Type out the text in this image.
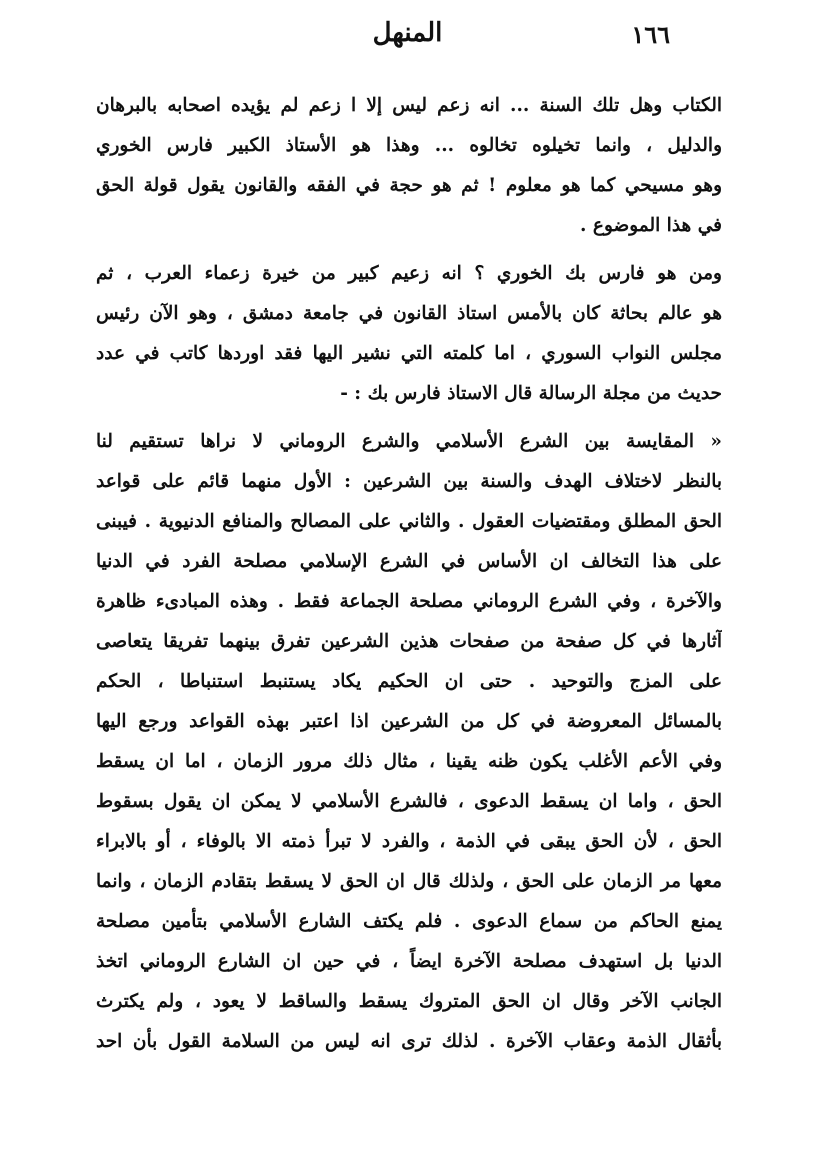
١٦٦
المنهل
الكتاب وهل تلك السنة ... انه زعم ليس إلا ا زعم لم يؤيده اصحابه بالبرهان
والدليل ، وانما تخيلوه تخالوه ... وهذا هو الأستاذ الكبير فارس الخوري
وهو مسيحي كما هو معلوم ! ثم هو حجة في الفقه والقانون يقول قولة الحق
في هذا الموضوع .
ومن هو فارس بك الخوري ؟ انه زعيم كبير من خيرة زعماء العرب ، ثم
هو عالم بحاثة كان بالأمس استاذ القانون في جامعة دمشق ، وهو الآن رئيس
مجلس النواب السوري ، اما كلمته التي نشير اليها فقد اوردها كاتب في عدد
حديث من مجلة الرسالة قال الاستاذ فارس بك : -
« المقايسة بين الشرع الأسلامي والشرع الروماني لا نراها تستقيم لنا
بالنظر لاختلاف الهدف والسنة بين الشرعين : الأول منهما قائم على قواعد
الحق المطلق ومقتضيات العقول . والثاني على المصالح والمنافع الدنيوية . فيبنى
على هذا التخالف ان الأساس في الشرع الإسلامي مصلحة الفرد في الدنيا
والآخرة ، وفي الشرع الروماني مصلحة الجماعة فقط . وهذه المبادىء ظاهرة
آثارها في كل صفحة من صفحات هذين الشرعين تفرق بينهما تفريقا يتعاصى
على المزج والتوحيد . حتى ان الحكيم يكاد يستنبط استنباطا ، الحكم
بالمسائل المعروضة في كل من الشرعين اذا اعتبر بهذه القواعد ورجع اليها
وفي الأعم الأغلب يكون ظنه يقينا ، مثال ذلك مرور الزمان ، اما ان يسقط
الحق ، واما ان يسقط الدعوى ، فالشرع الأسلامي لا يمكن ان يقول بسقوط
الحق ، لأن الحق يبقى في الذمة ، والفرد لا تبرأ ذمته الا بالوفاء ، أو بالابراء
معها مر الزمان على الحق ، ولذلك قال ان الحق لا يسقط بتقادم الزمان ، وانما
يمنع الحاكم من سماع الدعوى . فلم يكتف الشارع الأسلامي بتأمين مصلحة
الدنيا بل استهدف مصلحة الآخرة ايضاً ، في حين ان الشارع الروماني اتخذ
الجانب الآخر وقال ان الحق المتروك يسقط والساقط لا يعود ، ولم يكترث
بأثقال الذمة وعقاب الآخرة . لذلك ترى انه ليس من السلامة القول بأن احد
